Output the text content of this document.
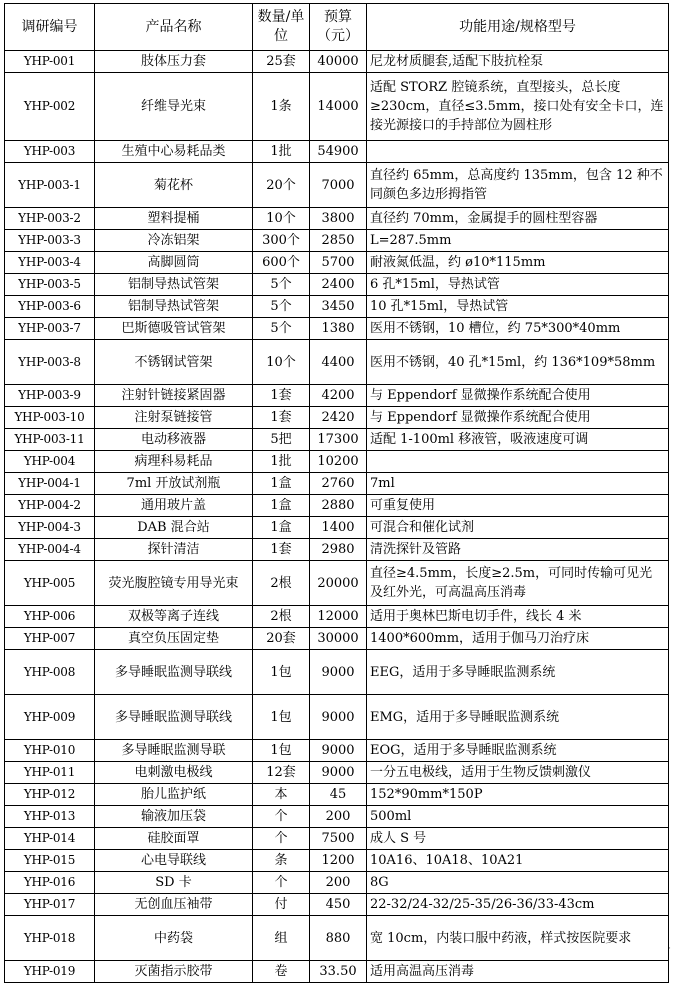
调研编号	产品名称	数量/单位	预算（元）	功能用途/规格型号
YHP-001	肢体压力套	25套	40000	尼龙材质腿套,适配下肢抗栓泵
YHP-002	纤维导光束	1条	14000	适配 STORZ 腔镜系统，直型接头，总长度≥230cm，直径≤3.5mm，接口处有安全卡口，连接光源接口的手持部位为圆柱形
YHP-003	生殖中心易耗品类	1批	54900	
YHP-003-1	菊花杯	20个	7000	直径约 65mm，总高度约 135mm，包含 12 种不同颜色多边形拇指管
YHP-003-2	塑料提桶	10个	3800	直径约 70mm，金属提手的圆柱型容器
YHP-003-3	冷冻铝架	300个	2850	L=287.5mm
YHP-003-4	高脚圆筒	600个	5700	耐液氮低温，约 ø10*115mm
YHP-003-5	铝制导热试管架	5个	2400	6 孔*15ml，导热试管
YHP-003-6	铝制导热试管架	5个	3450	10 孔*15ml，导热试管
YHP-003-7	巴斯德吸管试管架	5个	1380	医用不锈钢，10 槽位，约 75*300*40mm
YHP-003-8	不锈钢试管架	10个	4400	医用不锈钢，40 孔*15ml，约 136*109*58mm
YHP-003-9	注射针链接紧固器	1套	4200	与 Eppendorf 显微操作系统配合使用
YHP-003-10	注射泵链接管	1套	2420	与 Eppendorf 显微操作系统配合使用
YHP-003-11	电动移液器	5把	17300	适配 1-100ml 移液管，吸液速度可调
YHP-004	病理科易耗品	1批	10200	
YHP-004-1	7ml 开放试剂瓶	1盒	2760	7ml
YHP-004-2	通用玻片盖	1盒	2880	可重复使用
YHP-004-3	DAB 混合站	1盒	1400	可混合和催化试剂
YHP-004-4	探针清洁	1套	2980	清洗探针及管路
YHP-005	荧光腹腔镜专用导光束	2根	20000	直径≥4.5mm，长度≥2.5m，可同时传输可见光及红外光，可高温高压消毒
YHP-006	双极等离子连线	2根	12000	适用于奥林巴斯电切手件，线长 4 米
YHP-007	真空负压固定垫	20套	30000	1400*600mm，适用于伽马刀治疗床
YHP-008	多导睡眠监测导联线	1包	9000	EEG，适用于多导睡眠监测系统
YHP-009	多导睡眠监测导联线	1包	9000	EMG，适用于多导睡眠监测系统
YHP-010	多导睡眠监测导联	1包	9000	EOG，适用于多导睡眠监测系统
YHP-011	电刺激电极线	12套	9000	一分五电极线，适用于生物反馈刺激仪
YHP-012	胎儿监护纸	本	45	152*90mm*150P
YHP-013	输液加压袋	个	200	500ml
YHP-014	硅胶面罩	个	7500	成人 S 号
YHP-015	心电导联线	条	1200	10A16、10A18、10A21
YHP-016	SD 卡	个	200	8G
YHP-017	无创血压袖带	付	450	22-32/24-32/25-35/26-36/33-43cm
YHP-018	中药袋	组	880	宽 10cm，内装口服中药液，样式按医院要求
YHP-019	灭菌指示胶带	卷	33.50	适用高温高压消毒
·
